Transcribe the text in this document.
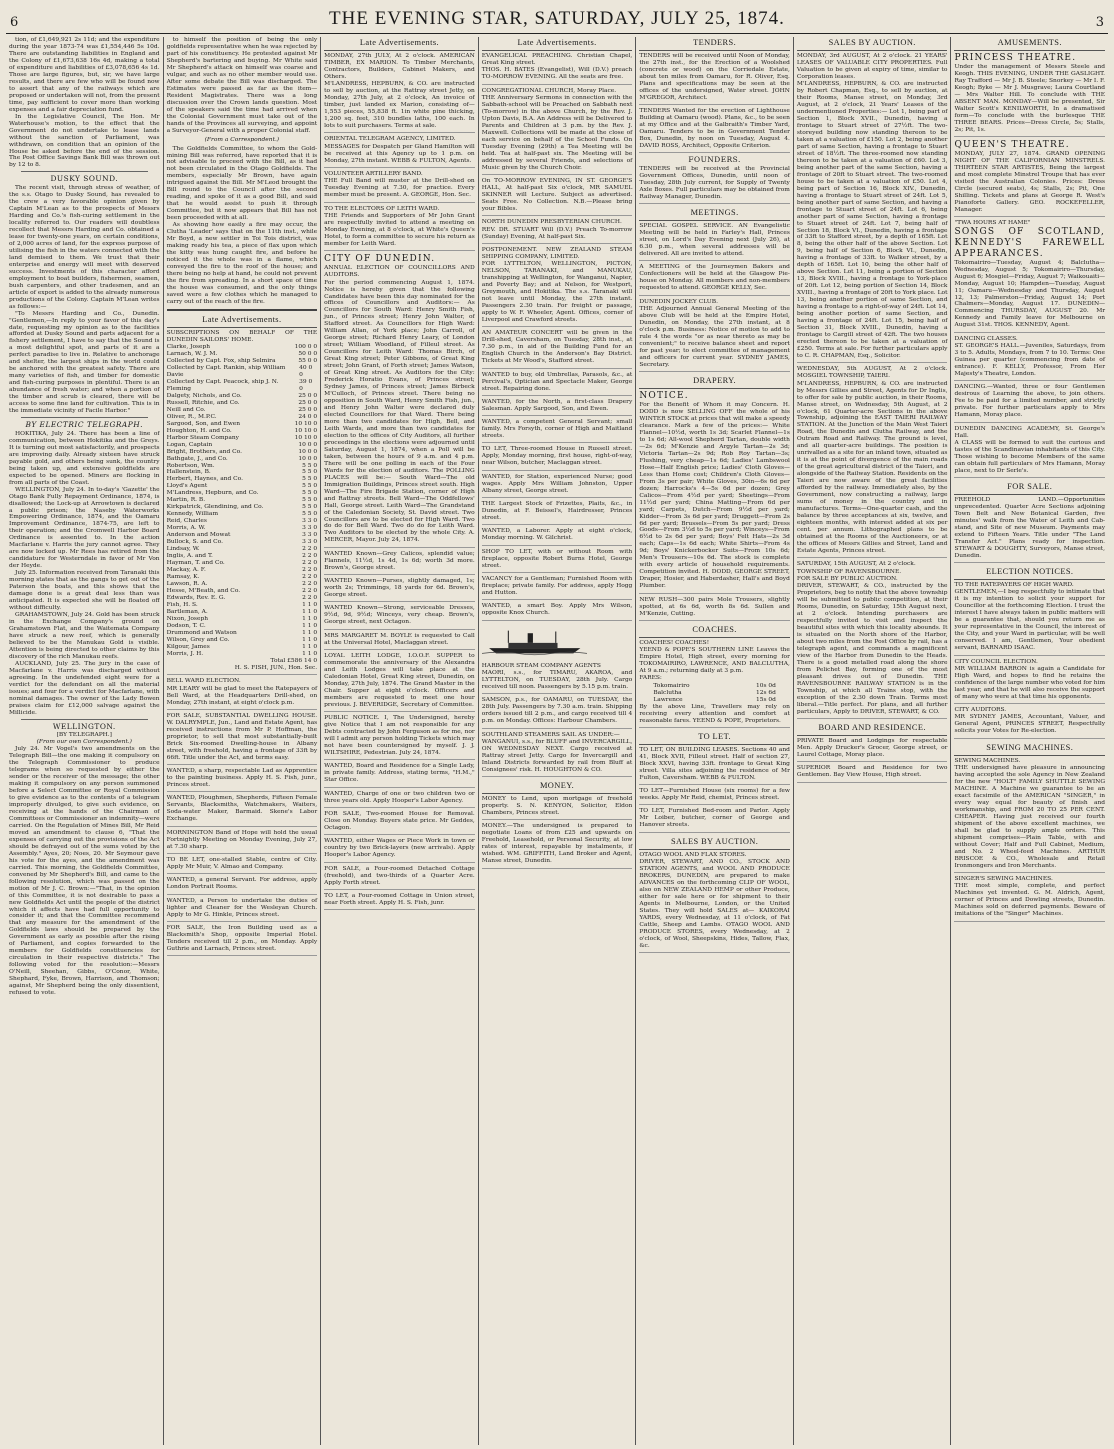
6	THE EVENING STAR, SATURDAY, JULY 25, 1874.	3

tion, of £1,649,921 2s 11d; and the expenditure during the year 1873-74 was £1,554,446 5s 10d. There are outstanding liabilities in England and the Colony of £1,673,638 16s 4d, making a total of expenditure and liabilities of £3,078,656 4s 1d. Those are large figures, but, sir, we have large results, and there are few who will be found now to assert that any of the railways which are proposed or undertaken will not, from the present time, pay sufficient to cover more than working expenses and a fair depreciation fund.

In the Legislative Council, The Hon. Mr Waterhouse's motion, to the effect that the Government do not undertake to lease lands without the sanction of Parliament, was withdrawn, on condition that an opinion of the House be asked before the end of the session. The Post Office Savings Bank Bill was thrown out by 12 to 8.

DUSKY SOUND.

The recent visit, through stress of weather, of the s.s. Otago to Dusky Sound, has revealed to the crew a very favorable opinion given by Captain M'Lean as to the prospects of Messrs Harding and Co.'s fish-curing settlement in the locality referred to. Our readers will doubtless recollect that Messrs Harding and Co. obtained a lease for twenty-one years, on certain conditions, of 2,000 acres of land, for the express purpose of utilising the fish in the waters connected with the land demised to them. We trust that their enterprise and energy will meet with deserved success. Investments of this character afford employment to boat builders, fishermen, seamen, bush carpenters, and other tradesmen, and an article of export is added to the already numerous productions of the Colony. Captain M'Lean writes as follows:—

"To Messrs Harding and Co., Dunedin. "Gentlemen,—In reply to your favor of this day's date, requesting my opinion as to the facilities afforded at Dusky Sound and parts adjacent for a fishery settlement, I have to say that the Sound is a most delightful spot, and parts of it are a perfect paradise to live in. Relative to anchorage and shelter, the largest ships in the world could be anchored with the greatest safety. There are many varieties of fish, and timber for domestic and fish-curing purposes in plentiful. There is an abundance of fresh water; and when a portion of the timber and scrub is cleared, there will be access to some fine land for cultivation. This is in the immediate vicinity of Facile Harbor."

BY ELECTRIC TELEGRAPH.

HOKITIKA, July 24. There has been a line of communication, between Hokitika and the Greys. It is turning out most satisfactorily, and prospects are improving daily. Already sixteen have struck payable gold, and others being sunk, the country being taken up, and extensive goldfields are expected to be opened. Miners are flocking in from all parts of the Coast.

WELLINGTON, July 24. In to-day's 'Gazette' the Otago Bank Fully Repayment Ordinance, 1874, is disallowed; the Lock-up at Arrowtown is declared a public prison; the Naseby Waterworks Empowering Ordinance, 1874, and the Oamaru Improvement Ordinance, 1874-75, are left to their operation; and the Cromwell Harbor Board Ordinance is assented to. In the action Macfarlane v. Harris the jury cannot agree. They are now locked up. Mr Rees has retired from the candidature for Westerndale in favor of Mr Von der Heyde.

July 25. Information received from Taranaki this morning states that as the gangs to get out of the Paterson the boats, and this shows that the damage done is a great deal less than was anticipated. It is expected she will be floated off without difficulty.

GRAHAMSTOWN, July 24. Gold has been struck in the Exchange Company's ground on Grahamstown Flat, and the Waitemata Company have struck a new reef, which is generally believed to be the Manukau Gold is visible. Attention is being directed to other claims by this discovery of the rich Manukau reefs.

AUCKLAND, July 25. The jury in the case of Macfarlane v. Harris was discharged without agreeing. In the undefended eight were for a verdict for the defendant on all the material issues; and four for a verdict for Macfarlane, with nominal damages. The owner of the Lady Bowen praises claim for £12,000 salvage against the Millicide.

WELLINGTON.
[BY TELEGRAPH.]
(From our own Correspondent.)

July 24. Mr Vogel's two amendments on the Telegraph Bill—the one making it compulsory on the Telegraph Commissioner to produce telegrams when so requested by either the sender or the receiver of the message; the other making it compulsory on any person summoned before a Select Committee or Royal Commission to give evidence as to the contents of a telegram improperly divulged, to give such evidence, on receiving at the hands of the Chairman of Committees or Commissioner an indemnity—were carried. On the Regulation of Mines Bill, Mr Reid moved an amendment to clause 6, "That the expenses of carrying out the provisions of the Act should be defrayed out of the sums voted by the Assembly." Ayes, 20; Noes, 20. Mr Seymour gave his vote for the ayes, and the amendment was carried. This morning, the Goldfields Committee, convened by Mr Shepherd's Bill, and came to the following resolution, which was passed on the motion of Mr J. C. Brown:—"That, in the opinion of this Committee, it is not desirable to pass a new Goldfields Act until the people of the district which it affects have had full opportunity to consider it; and that the Committee recommend that any measure for the amendment of the Goldfields laws should be prepared by the Government as early as possible after the rising of Parliament, and copies forwarded to the members for Goldfields constituencies for circulation in their respective districts." The following voted for the resolution:—Messrs O'Neill, Sheehan, Gibbs, O'Conor, White, Shephard, Fyke, Brown, Harrison, and Thomson; against, Mr Shepherd being the only dissentient, refused to vote.

to himself the position of being the only goldfields representative when he was rejected by part of his constituency. He protested against Mr Shepherd's bartering and buying. Mr White said Mr Shepherd's attack on himself was coarse and vulgar, and such as no other member would use. After some debate the Bill was discharged. The Estimates were passed as far as the item—Resident Magistrates. There was a long discussion over the Crown lands question. Most of the speakers said the time had arrived when the Colonial Government must take out of the hands of the Provinces all surveying, and appoint a Surveyor-General with a proper Colonial staff.

(From a Correspondent.)

The Goldfields Committee, to whom the Gold-mining Bill was referred, have reported that it is not advisable to proceed with the Bill, as it had not been circulated in the Otago Goldfields. The members, especially Mr Brown, have again intrigued against the Bill. Mr M'Leod brought the Bill round to the Council after the second reading, and spoke of it as a good Bill, and said that he would assist to push it through Committee, but it now appears that Bill has not been proceeded with at all.

As showing how easily a fire may occur, the Clutha 'Leader' says that on the 11th inst., while Mr Boyd, a new settler in Toi Tois district, was making ready his tea, a piece of flax upon which the kitty was hung caught fire, and before he noticed it the whole was in a flame, which conveyed the fire to the roof of the house; and there being no help at hand, he could not prevent the fire from spreading. In a short space of time the house was consumed, and the only things saved were a few clothes which he managed to carry out of the reach of the fire.

Late Advertisements.

SUBSCRIPTIONS ON BEHALF OF THE DUNEDIN SAILORS' HOME.

Clarke, Joseph	100 0 0
Larnach, W. J. M.	50 0 0
Collected by Capt. Fox, ship Selmira	55 0 0
Collected by Capt. Rankin, ship William Davie
40 0 0
Collected by Capt. Peacock, ship J. N. Fleming
39 0 0
Dalgety, Nichols, and Co.	25 0 0
Russell, Ritchie, and Co.	25 0 0
Neill and Co.	25 0 0
Oliver, R., M.P.C.	24 0 0
Sargood, Son, and Ewen	10 10 0
Houghton, H. and Co.	10 10 0
Harbor Steam Company	10 10 0
Logan, Captain	10 0 0
Bright, Brothers, and Co.	10 0 0
Bathgate, J., and Co.	10 0 0
Robertson, Wm.	5 5 0
Hallenstein, B.	5 5 0
Herbert, Haynes, and Co.	5 5 0
Lloyd's Agent	5 5 0
M'Landress, Hepburn, and Co.	5 5 0
Martin, R. B.	5 5 0
Kirkpatrick, Glendining, and Co.	5 5 0
Kennedy, William	5 5 0
Reid, Charles	3 3 0
Morris, A. W.	3 3 0
Anderson and Mowat	3 3 0
Bullock, S. and Co.	3 3 0
Lindsay, W.	2 2 0
Inglis, A. and T.	2 2 0
Hayman, T. and Co.	2 2 0
Mackay, A. F.	2 2 0
Ramsay, K.	2 2 0
Lawson, R. A.	2 2 0
Hesse, M'Beath, and Co.	2 2 0
Edwards, Rev. E. G.	2 2 0
Fish, H. S.	1 1 0
Bartleman, A.	1 1 0
Nixon, Joseph	1 1 0
Dodson, T. C.	1 1 0
Drummond and Watson	1 1 0
Wilson, Grey and Co.	1 1 0
Kilgour, James	1 1 0
Morris, J. H.	1 1 0

Total £586 14 0

H. S. FISH, JUN., Hon. Sec.

BELL WARD ELECTION.

MR LEARY will be glad to meet the Ratepayers of Bell Ward, at the Headquarters Drill-shed, on Monday, 27th instant, at eight o'clock p.m.

FOR SALE, SUBSTANTIAL DWELLING HOUSE. W. DALRYMPLE, Jun., Land and Estate Agent, has received instructions from Mr P. Hoffman, the proprietor, to sell that most substantially-built Brick Six-roomed Dwelling-house in Albany street, with freehold, having a frontage of 33ft by 66ft. Title under the Act, and terms easy.

WANTED, a sharp, respectable Lad as Apprentice to the painting business. Apply H. S. Fish, junr., Princes street.

WANTED, Ploughmen, Shepherds, Fifteen Female Servants, Blacksmiths, Watchmakers, Waiters, Soda-water Maker, Barmaid. Skene's Labor Exchange.

MORNINGTON Band of Hope will hold the usual Fortnightly Meeting on Monday Evening, July 27, at 7.30 sharp.

TO BE LET, one-stalled Stable, centre of City. Apply Mr Muir, V. Almao and Company.

WANTED, a general Servant. For address, apply London Portrait Rooms.

WANTED, a Person to undertake the duties of lighter and Cleaner for the Wesleyan Church. Apply to Mr G. Hinkle, Princes street.

FOR SALE, the Iron Building used as a Blacksmith's Shop, opposite Imperial Hotel. Tenders received till 2 p.m., on Monday. Apply Guthrie and Larnach, Princes street.

Late Advertisements.

MONDAY, 27th JULY, At 2 o'clock. AMERICAN TIMBER, EX MARION. To Timber Merchants, Contractors, Builders, Cabinet Makers, and Others.

M'LANDRESS, HEPBURN, & CO. are instructed to sell by auction, at the Rattray street Jetty, on Monday, 27th July, at 2 o'clock, An invoice of timber, just landed ex Marion, consisting of—1,553 pieces, 55,838 ft. 1in white pine thicking, 1,200 sq. feet, 310 bundles laths, 100 each. In lots to suit purchasers. Terms at sale.

ORIENTAL TELEGRAM AGENCY, LIMITED.

MESSAGES for Despatch per Gland Hamilton will be received at this Agency up to 1 p.m. on Monday, 27th instant. WEBB & FULTON, Agents.

VOLUNTEER ARTILLERY BAND.

THE Full Band will muster at the Drill-shed on Tuesday Evening at 7.30, for practice. Every member must be present. A. GEORGE, Hon. Sec.

TO THE ELECTORS OF LEITH WARD.

THE Friends and Supporters of Mr John Grant are respectfully invited to attend a meeting on Monday Evening, at 8 o'clock, at White's Queen's Hotel, to form a committee to secure his return as member for Leith Ward.

CITY OF DUNEDIN.

ANNUAL ELECTION OF COUNCILLORS AND AUDITORS.

For the period commencing August 1, 1874. Notice is hereby given that the following Candidates have been this day nominated for the offices of Councillors and Auditors:— As Councillors for South Ward: Henry Smith Fish, jun., of Princes street; Henry John Walter, of Stafford street. As Councillors for High Ward: William Allan, of York place; John Carroll, of George street; Richard Henry Leary, of London street; William Woodland, of Filleul street. As Councillors for Leith Ward: Thomas Birch, of Great King street; Peter Gibbons, of Great King street; John Grant, of Forth street; James Watson, of Great King street. As Auditors for the City: Frederick Horatio Evans, of Princes street; Sydney James, of Princes street; James Birbeck M'Culloch, of Princes street. There being no opposition in South Ward, Henry Smith Fish, jun., and Henry John Walter were declared duly elected Councillors for that Ward. There being more than two candidates for High, Bell, and Leith Wards, and more than two candidates for election to the offices of City Auditors, all further proceedings in the elections were adjourned until Saturday, August 1, 1874, when a Poll will be taken, between the hours of 9 a.m. and 4 p.m. There will be one polling in each of the Four Wards for the election of auditors. The POLLING PLACES will be:— South Ward—The old Immigration Buildings, Princes street south. High Ward—The Fire Brigade Station, corner of High and Rattray streets. Bell Ward—The Oddfellows' Hall, George street. Leith Ward—The Grandstand of the Caledonian Society, St. David street. Two Councillors are to be elected for High Ward. Two do do for Bell Ward. Two do do for Leith Ward. Two Auditors to be elected by the whole City. A. MERCER, Mayor. July 24, 1874.

WANTED Known—Grey Calicos, splendid value; Flannels, 11½d, 1s 4d, 1s 6d; worth 3d more. Brown's, George street.

WANTED Known—Purses, slightly damaged, 1s; worth 2s; Trimmings, 18 yards for 6d. Brown's, George street.

WANTED Known—Strong, serviceable Dresses, 9½d, 9d, 9½d; Winceys, very cheap. Brown's, George street, next Octagon.

MRS MARGARET M. BOYLE is requested to Call at the Universal Hotel, Maclaggan street.

LOYAL LEITH LODGE, I.O.O.F. SUPPER to commemorate the anniversary of the Alexandra and Leith Lodges will take place at the Caledonian Hotel, Great King street, Dunedin, on Monday, 27th July, 1874. The Grand Master in the Chair. Supper at eight o'clock. Officers and members are requested to meet one hour previous. J. BEVERIDGE, Secretary of Committee.

PUBLIC NOTICE. I, The Undersigned, hereby give Notice that I am not responsible for any Debts contracted by John Ferguson as for me, nor will I admit any person holding Tickets which may not have been countersigned by myself. J. J. WILTSHIRE, Pedestrian. July 24, 1874.

WANTED, Board and Residence for a Single Lady, in private family. Address, stating terms, "H.M.," Star Office.

WANTED, Charge of one or two children two or three years old. Apply Hooper's Labor Agency.

FOR SALE, Two-roomed House for Removal. Close on Monday. Buyers state price. Mr Geddes, Octagon.

WANTED, either Wages or Piece Work in town or country by two Brick-layers (new arrivals). Apply Hooper's Labor Agency.

FOR SALE, a Four-roomed Detached Cottage (freehold), and two-thirds of a Quarter Acre. Apply Forth street.

TO LET, a Four-roomed Cottage in Union street, near Forth street. Apply H. S. Fish, junr.

Late Advertisements.

EVANGELICAL PREACHING. Christian Chapel, Great King street.

THOS. H. BATES (Evangelist), Will (D.V.) preach TO-MORROW EVENING. All the seats are free.

CONGREGATIONAL CHURCH, Moray Place.

THE Anniversary Sermons in connection with the Sabbath-school will be Preached on Sabbath next (To-morrow) in the above Church, by the Rev. J. Upton Davis, B.A. An Address will be Delivered to Parents and Children at 3 p.m. by the Rev. J. Maxwell. Collections will be made at the close of each service on behalf of the School Funds. On Tuesday Evening (29th) a Tea Meeting will be held. Tea at half-past six. The Meeting will be addressed by several Friends, and selections of Music given by the Church Choir.

On TO-MORROW EVENING, IN ST. GEORGE'S HALL, At half-past Six o'clock, MR SAMUEL SKINNER will Lecture. Subject as advertised. Seats Free. No Collection. N.B.—Please bring your Bibles.

NORTH DUNEDIN PRESBYTERIAN CHURCH.

REV. DR. STUART Will (D.V.) Preach To-morrow (Sunday) Evening, At half-past Six.

POSTPONEMENT. NEW ZEALAND STEAM SHIPPING COMPANY, LIMITED.

FOR LYTTELTON, WELLINGTON, PICTON, NELSON, TARANAKI, and MANUKAU, transhipping at Wellington, for Wanganui, Napier, and Poverty Bay; and at Nelson, for Westport, Greymouth, and Hokitika. The s.s. Taranaki will not leave until Monday, the 27th instant. Passengers 2.30 train. For freight or passage, apply to W. F. Wheeler, Agent. Offices, corner of Liverpool and Crawford streets.

AN AMATEUR CONCERT will be given in the Drill-shed, Caversham, on Tuesday, 28th inst., at 7.30 p.m., in aid of the Building Fund for an English Church in the Anderson's Bay District. Tickets at Mr Wood's, Stafford street.

WANTED to buy, old Umbrellas, Parasols, &c., at Percival's, Optician and Spectacle Maker, George street. Repairing done.

WANTED, for the North, a first-class Drapery Salesman. Apply Sargood, Son, and Ewen.

WANTED, a competent General Servant; small family. Mrs Forsyth, corner of High and Maitland streets.

TO LET, Three-roomed House in Russell street. Apply, Monday morning, first house, right-of-way, near Wilson, butcher, Maclaggan street.

WANTED, for Station, experienced Nurse; good wages. Apply Mrs William Johnston, Upper Albany street, George street.

THE Largest Stock of Frizettes, Plaits, &c., in Dunedin, at F. Beissel's, Hairdresser, Princes street.

WANTED, a Laborer. Apply at eight o'clock, Monday morning. W. Gilchrist.

SHOP TO LET, with or without Room with fireplace, opposite Robert Burns Hotel, George street.

VACANCY for a Gentleman; Furnished Room with fireplace; private family. For address, apply Hogg and Hutton.

WANTED, a smart Boy. Apply Mrs Wilson, opposite Knox Church.

HARBOUR STEAM COMPANY AGENTS

MAORI, s.s., for TIMARU, AKAROA, and LYTTELTON, on TUESDAY, 28th July. Cargo received till noon. Passengers by 5.15 p.m. train.

SAMSON, p.s., for OAMARU, on TUESDAY, the 28th July. Passengers by 7.30 a.m. train. Shipping orders issued till 2 p.m., and cargo received till 4 p.m. on Monday. Offices: Harbour Chambers.

SOUTHLAND STEAMERS SAIL AS UNDER:—

WANGANUI, s.s., for BLUFF and INVERCARGILL, ON WEDNESDAY NEXT. Cargo received at Rattray street Jetty. Cargo for Invercargill and Inland Districts forwarded by rail from Bluff at Consignees' risk. H. HOUGHTON & CO.

MONEY.

MONEY to Lend, upon mortgage of freehold property. S. N. KENYON, Solicitor, Eldon Chambers, Princes street.

MONEY.—The undersigned is prepared to negotiate Loans of from £25 and upwards on Freehold, Leasehold, or Personal Security, at low rates of interest, repayable by instalments, if wished. WM. GRIFFITH, Land Broker and Agent, Manse street, Dunedin.

TENDERS.

TENDERS will be received until Noon of Monday, the 27th inst., for the Erection of a Woolshed (concrete or wood) on the Corriedale Estate, about ten miles from Oamaru, for R. Oliver, Esq. Plans and specifications may be seen at the offices of the undersigned, Water street. JOHN M'GREGOR, Architect.

TENDERS Wanted for the erection of Lighthouse Building at Oamaru (wood). Plans, &c., to be seen at my Office and at the Galbraith's Timber Yard, Oamaru. Tenders to be in Government Tender Box, Dunedin, by noon on Tuesday, August 4. DAVID ROSS, Architect, Opposite Criterion.

FOUNDERS.

TENDERS will be received at the Provincial Government Offices, Dunedin, until noon of Tuesday, 28th July current, for Supply of Twenty Axle Boxes. Full particulars may be obtained from Railway Manager, Dunedin.

MEETINGS.

SPECIAL GOSPEL SERVICE. AN Evangelistic Meeting will be held in Farley's Hall, Princes street, on Lord's Day Evening next (July 26), at 6.30 p.m., when several addresses will be delivered. All are invited to attend.

A MEETING of the Journeymen Bakers and Confectioners will be held at the Glasgow Pie-house on Monday. All members and non-members requested to attend. GEORGE KELLY, Sec.

DUNEDIN JOCKEY CLUB.

THE Adjourned Annual General Meeting of the above Club will be held at the Empire Hotel, Dunedin, on Monday, the 27th instant, at 8 o'clock p.m. Business: Notice of motion to add to rule 4 the words "or as near thereto as may be convenient;" to receive balance sheet and report for past year; to elect committee of management and officers for current year. SYDNEY JAMES, Secretary.

DRAPERY.

NOTICE.

For the Benefit of Whom it may Concern. H. DODD is now SELLING OFF the whole of his WINTER STOCK at prices that will make a speedy clearance. Mark a few of the prices:— White Flannel—10½d, worth 1s 3d; Scarlet Flannel—1s to 1s 6d; All-wool Shepherd Tartan, double width—2s 6d; M'Kenzie and Argyle Tartan—2s 3d; Victoria Tartan—2s 9d; Rob Roy Tartan—3s; Flushing, very cheap—1s 6d; Ladies' Lambswool Hose—Half English price; Ladies' Cloth Gloves—Less than Home cost; Children's Cloth Gloves—From 3s per pair; White Gloves, 30in—6s 6d per dozen; Harrocks's 4—5s 6d per dozen; Grey Calicos—From 4½d per yard; Sheetings—From 11½d per yard; China Matting—From 6d per yard; Carpets, Dutch—From 9½d per yard; Kidder—From 3s 6d per yard; Druggett—From 2s 6d per yard; Brussels—From 5s per yard; Dress Goods—From 3½d to 5s per yard; Winceys—From 6½d to 2s 6d per yard; Boys' Felt Hats—2s 3d each; Caps—1s 6d each; White Shirts—From 4s 9d; Boys' Knickerbocker Suits—From 10s 6d; Men's Trousers—10s 6d. The stock is complete with every article of household requirements. Competition invited. H. DODD, GEORGE STREET, Draper, Hosier, and Haberdasher, Hall's and Boyd Plumber.

NEW RUSH—300 pairs Mole Trousers, slightly spotted, at 6s 6d, worth 8s 6d. Sullen and M'Kenzie, Cutting.

COACHES.

COACHES! COACHES!

YEEND & POPE'S SOUTHERN LINE Leaves the Empire Hotel, High street, every morning for TOKOMAIRIRO, LAWRENCE, AND BALCLUTHA, At 9 a.m.; returning daily at 3 p.m.

FARES:

Tokomairiro	10s 0d
Balclutha	12s 6d
Lawrence	15s 0d

By the above Line, Travellers may rely on receiving every attention and comfort at reasonable fares. YEEND & POPE, Proprietors.

TO LET.

TO LET, ON BUILDING LEASES. Sections 40 and 41, Block XVII, Filleul street. Half of section 27, Block XXVI, having 33ft. frontage to Great King street. Villa sites adjoining the residence of Mr Fulton, Caversham. WEBB & FULTON.

TO LET—Furnished House (six rooms) for a few weeks. Apply Mr Reid, chemist, Princes street.

TO LET, Furnished Bed-room and Parlor. Apply Mr Loiber, butcher, corner of George and Hanover streets.

SALES BY AUCTION.

OTAGO WOOL AND FLAX STORES.

DRIVER, STEWART, AND CO., STOCK AND STATION AGENTS, and WOOL AND PRODUCE BROKERS, DUNEDIN, are prepared to make ADVANCES on the forthcoming CLIP OF WOOL, also on NEW ZEALAND HEMP or other Produce, either for sale here or for shipment to their Agents in Melbourne, London, or the United States. They will hold SALES at— KAIKORAI YARDS, every Wednesday, at 11 o'clock, of Fat Cattle, Sheep and Lambs. OTAGO WOOL AND PRODUCE STORES, every Wednesday, at 2 o'clock, of Wool, Sheepskins, Hides, Tallow, Flax, &c.

SALES BY AUCTION.

MONDAY, 3rd AUGUST, At 2 o'clock. 21 YEARS' LEASES OF VALUABLE CITY PROPERTIES. Full Valuation to be given at expiry of time, similar to Corporation leases.

M'LANDRESS, HEPBURN, & CO. are instructed by Robert Chapman, Esq., to sell by auction, at their Rooms, Manse street, on Monday, 3rd August, at 2 o'clock, 21 Years' Leases of the undermentioned Properties:— Lot 1, being part of Section 1, Block XVII., Dunedin, having a frontage to Stuart street of 27½ft. The two-storeyed building now standing thereon to be taken at a valuation of £150. Lot 2, being another part of same Section, having a frontage to Stuart street of 18½ft. The three-roomed now standing thereon to be taken at a valuation of £60. Lot 3, being another part of the same Section, having a frontage of 20ft to Stuart street. The two-roomed house to be taken at a valuation of £50. Lot 4, being part of Section 16, Block XIV., Dunedin, having a frontage to Stuart street of 24ft. Lot 5, being another part of same Section, and having a frontage to Stuart street of 24ft. Lot 6, being another part of same Section, having a frontage to Stuart street of 24ft. Lot 7, being half of Section 18, Block VI., Dunedin, having a frontage of 33ft to Stafford street, by a depth of 165ft. Lot 8, being the other half of the above Section. Lot 9, being half of Section 6, Block VI., Dunedin, having a frontage of 33ft. to Walker street, by a depth of 165ft. Lot 10, being the other half of above Section. Lot 11, being a portion of Section 13, Block XVIII., having a frontage to York-place of 20ft. Lot 12, being portion of Section 14, Block XVIII., having a frontage of 20ft to York place. Lot 13, being another portion of same Section, and having a frontage to a right-of-way of 24ft. Lot 14, being another portion of same Section, and having a frontage of 24ft. Lot 15, being half of Section 31, Block XVIII., Dunedin, having a frontage to Cargill street of 42ft. The two houses erected thereon to be taken at a valuation of £250. Terms at sale. For further particulars apply to C. R. CHAPMAN, Esq., Solicitor.

WEDNESDAY, 5th AUGUST, At 2 o'clock. MOSGIEL TOWNSHIP, TAIERI.

M'LANDRESS, HEPBURN, & CO. are instructed by Messrs Gillies and Street, Agents for Dr Inglis, to offer for sale by public auction, in their Rooms, Manse street, on Wednesday, 5th August, at 2 o'clock, 61 Quarter-acre Sections in the above Township, adjoining the EAST TAIERI RAILWAY STATION. At the Junction of the Main West Taieri Road, the Dunedin and Clutha Railway, and the Outram Road and Railway. The ground is level, and all quarter-acre buildings. The position is unrivalled as a site for an inland town, situated as it is at the point of divergence of the main roads of the great agricultural district of the Taieri, and alongside of the Railway Station. Residents on the Taieri are now aware of the great facilities afforded by the railway. Immediately also, by the Government, now constructing a railway, large sums of money in the country and in manufactures. Terms—One-quarter cash, and the balance by three acceptances at six, twelve, and eighteen months, with interest added at six per cent. per annum. Lithographed plans to be obtained at the Rooms of the Auctioneers, or at the offices of Messrs Gillies and Street, Land and Estate Agents, Princes street.

SATURDAY, 15th AUGUST, At 2 o'clock.

TOWNSHIP OF RAVENSBOURNE.

FOR SALE BY PUBLIC AUCTION.

DRIVER, STEWART, & CO., instructed by the Proprietors, beg to notify that the above township will be submitted to public competition, at their Rooms, Dunedin, on Saturday, 15th August next, at 2 o'clock. Intending purchasers are respectfully invited to visit and inspect the beautiful sites with which this locality abounds. It is situated on the North shore of the Harbor, about two miles from the Post Office by rail, has a telegraph agent, and commands a magnificent view of the Harbor from Dunedin to the Heads. There is a good metalled road along the shore from Pelichet Bay, forming one of the most pleasant drives out of Dunedin. THE RAVENSBOURNE RAILWAY STATION is in the Township, at which all Trains stop, with the exception of the 2.30 down Train. Terms most liberal.—Title perfect. For plans, and all further particulars, Apply to DRIVER, STEWART, & CO.

BOARD AND RESIDENCE.

PRIVATE Board and Lodgings for respectable Men. Apply Drucker's Grocer, George street, or Laurel Cottage, Moray place.

SUPERIOR Board and Residence for two Gentlemen. Bay View House, High street.

AMUSEMENTS.

PRINCESS THEATRE.

Under the management of Messrs Steele and Keogh. THIS EVENING, UNDER THE GASLIGHT. Ray Trafford — Mr J. B. Steele; Snorkey — Mr I. F. Keogh; Byke — Mr J. Musgrave; Laura Courtland — Mrs Walter Hill. To conclude with THE ABSENT MAN. MONDAY—Will be presented, Sir Walter Scott's KENILWORTH, In a dramatised form—To conclude with the burlesque THE THREE BEARS. Prices—Dress Circle, 5s; Stalls, 2s; Pit, 1s.

QUEEN'S THEATRE.

MONDAY, JULY 27, 1874. GRAND OPENING NIGHT OF THE CALIFORNIAN MINSTRELS. THIRTEEN STAR ARTISTES, Being the largest and most complete Minstrel Troupe that has ever visited the Australian Colonies. Prices: Dress Circle (secured seats), 4s; Stalls, 2s; Pit, One Shilling. Tickets and plans at George R. West's Pianoforte Gallery. GEO. ROCKEFELLER, Manager.

"TWA HOURS AT HAME"

SONGS OF SCOTLAND, KENNEDY'S FAREWELL APPEARANCES.

Tokomairiro—Tuesday, August 4; Balclutha—Wednesday, August 5; Tokomairiro—Thursday, August 6; Mosgiel—Friday, August 7; Waikouaiti—Monday, August 10; Hampden—Tuesday, August 11; Oamaru—Wednesday and Thursday, August 12, 13; Palmerston—Friday, August 14; Port Chalmers—Monday, August 17. DUNEDIN—Commencing THURSDAY, AUGUST 20. Mr Kennedy and Family leave for Melbourne on August 31st. THOS. KENNEDY, Agent.

DANCING CLASSES.

ST. GEORGE'S HALL.—Juveniles, Saturdays, from 3 to 5. Adults, Mondays, from 7 to 10. Terms: One Guinea per quarter (commencing from date of entrance). F. KELLY, Professor, From Her Majesty's Theatre, London.

DANCING.—Wanted, three or four Gentlemen desirous of Learning the above, to join others. Fee to be paid for a limited number, and strictly private. For further particulars apply to Mrs Hamann, Moray place.

DUNEDIN DANCING ACADEMY, St. George's Hall.

A CLASS will be formed to suit the curious and tastes of the Scandinavian inhabitants of this City. Those wishing to become Members of the same can obtain full particulars of Mrs Hamann, Moray place, next to Dr Serle's.

FOR SALE.

FREEHOLD LAND.—Opportunities unprecedented. Quarter Acre Sections adjoining Town Belt and New Botanical Garden, five minutes' walk from the Water of Leith and Cab-stand, and Site of new Museum. Payments may extend to Fifteen Years. Title under "The Land Transfer Act." Plans ready for inspection. STEWART & DOUGHTY, Surveyors, Manse street, Dunedin.

ELECTION NOTICES.

TO THE RATEPAYERS OF HIGH WARD.

GENTLEMEN,—I beg respectfully to intimate that it is my intention to solicit your support for Councillor at the forthcoming Election. I trust the interest I have always taken in public matters will be a guarantee that, should you return me as your representative in the Council, the interest of the City, and your Ward in particular, will be well conserved. I am, Gentlemen, Your obedient servant, BARNARD ISAAC.

CITY COUNCIL ELECTION.

MR WILLIAM BARRON is again a Candidate for High Ward, and hopes to find he retains the confidence of the large number who voted for him last year, and that he will also receive the support of many who were at that time his opponents.

CITY AUDITORS.

MR SYDNEY JAMES, Accountant, Valuer, and General Agent, PRINCES STREET, Respectfully solicits your Votes for Re-election.

SEWING MACHINES.

SEWING MACHINES.

THE undersigned have pleasure in announcing having accepted the sole Agency in New Zealand for the new "HOLT" FAMILY SHUTTLE SEWING MACHINE. A Machine we guarantee to be an exact facsimile of the AMERICAN "SINGER," in every way equal for beauty of finish and workmanship, and FROM 20 TO 25 PER CENT. CHEAPER. Having just received our fourth shipment of the above excellent machines, we shall be glad to supply ample orders. This shipment comprises—Plain Table, with and without Cover; Half and Full Cabinet, Medium, and No. 2 Wheel-feed Machines. ARTHUR BRISCOE & CO., Wholesale and Retail Ironmongers and Iron Merchants.

SINGER'S SEWING MACHINES.

THE most simple, complete, and perfect Machines yet invented. G. M. Aldrich, Agent, corner of Princes and Dowling streets, Dunedin. Machines sold on deferred payments. Beware of imitations of the "Singer" Machines.
